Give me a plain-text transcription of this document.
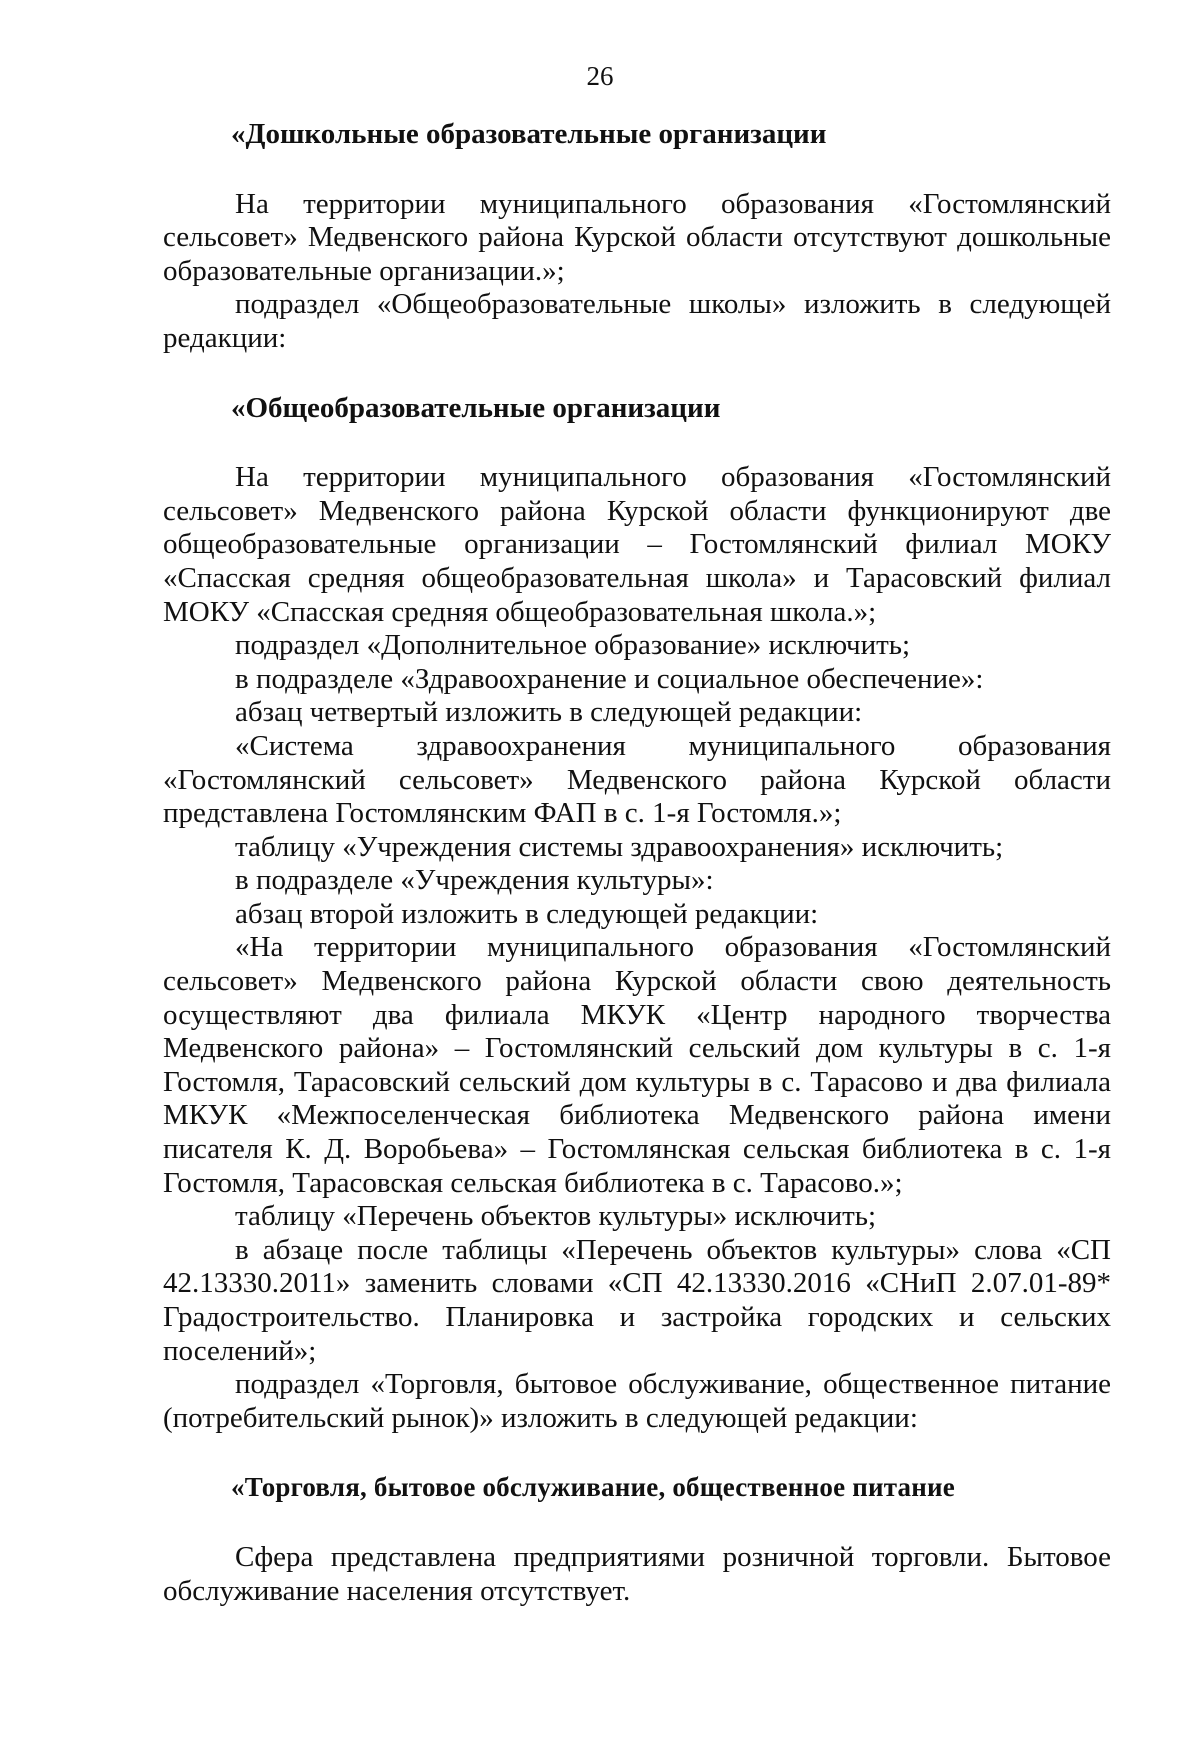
26

«Дошкольные образовательные организации

На территории муниципального образования «Гостомлянский сельсовет» Медвенского района Курской области отсутствуют дошкольные образовательные организации.»;

подраздел «Общеобразовательные школы» изложить в следующей редакции:

«Общеобразовательные организации

На территории муниципального образования «Гостомлянский сельсовет» Медвенского района Курской области функционируют две общеобразовательные организации – Гостомлянский филиал МОКУ «Спасская средняя общеобразовательная школа» и Тарасовский филиал МОКУ «Спасская средняя общеобразовательная школа.»;

подраздел «Дополнительное образование» исключить;

в подразделе «Здравоохранение и социальное обеспечение»:

абзац четвертый изложить в следующей редакции:

«Система здравоохранения муниципального образования «Гостомлянский сельсовет» Медвенского района Курской области представлена Гостомлянским ФАП в с. 1-я Гостомля.»;

таблицу «Учреждения системы здравоохранения» исключить;

в подразделе «Учреждения культуры»:

абзац второй изложить в следующей редакции:

«На территории муниципального образования «Гостомлянский сельсовет» Медвенского района Курской области свою деятельность осуществляют два филиала МКУК «Центр народного творчества Медвенского района» – Гостомлянский сельский дом культуры в с. 1-я Гостомля, Тарасовский сельский дом культуры в с. Тарасово и два филиала МКУК «Межпоселенческая библиотека Медвенского района имени писателя К. Д. Воробьева» – Гостомлянская сельская библиотека в с. 1-я Гостомля, Тарасовская сельская библиотека в с. Тарасово.»;

таблицу «Перечень объектов культуры» исключить;

в абзаце после таблицы «Перечень объектов культуры» слова «СП 42.13330.2011» заменить словами «СП 42.13330.2016 «СНиП 2.07.01-89* Градостроительство. Планировка и застройка городских и сельских поселений»;

подраздел «Торговля, бытовое обслуживание, общественное питание (потребительский рынок)» изложить в следующей редакции:

«Торговля, бытовое обслуживание, общественное питание

Сфера представлена предприятиями розничной торговли. Бытовое обслуживание населения отсутствует.
